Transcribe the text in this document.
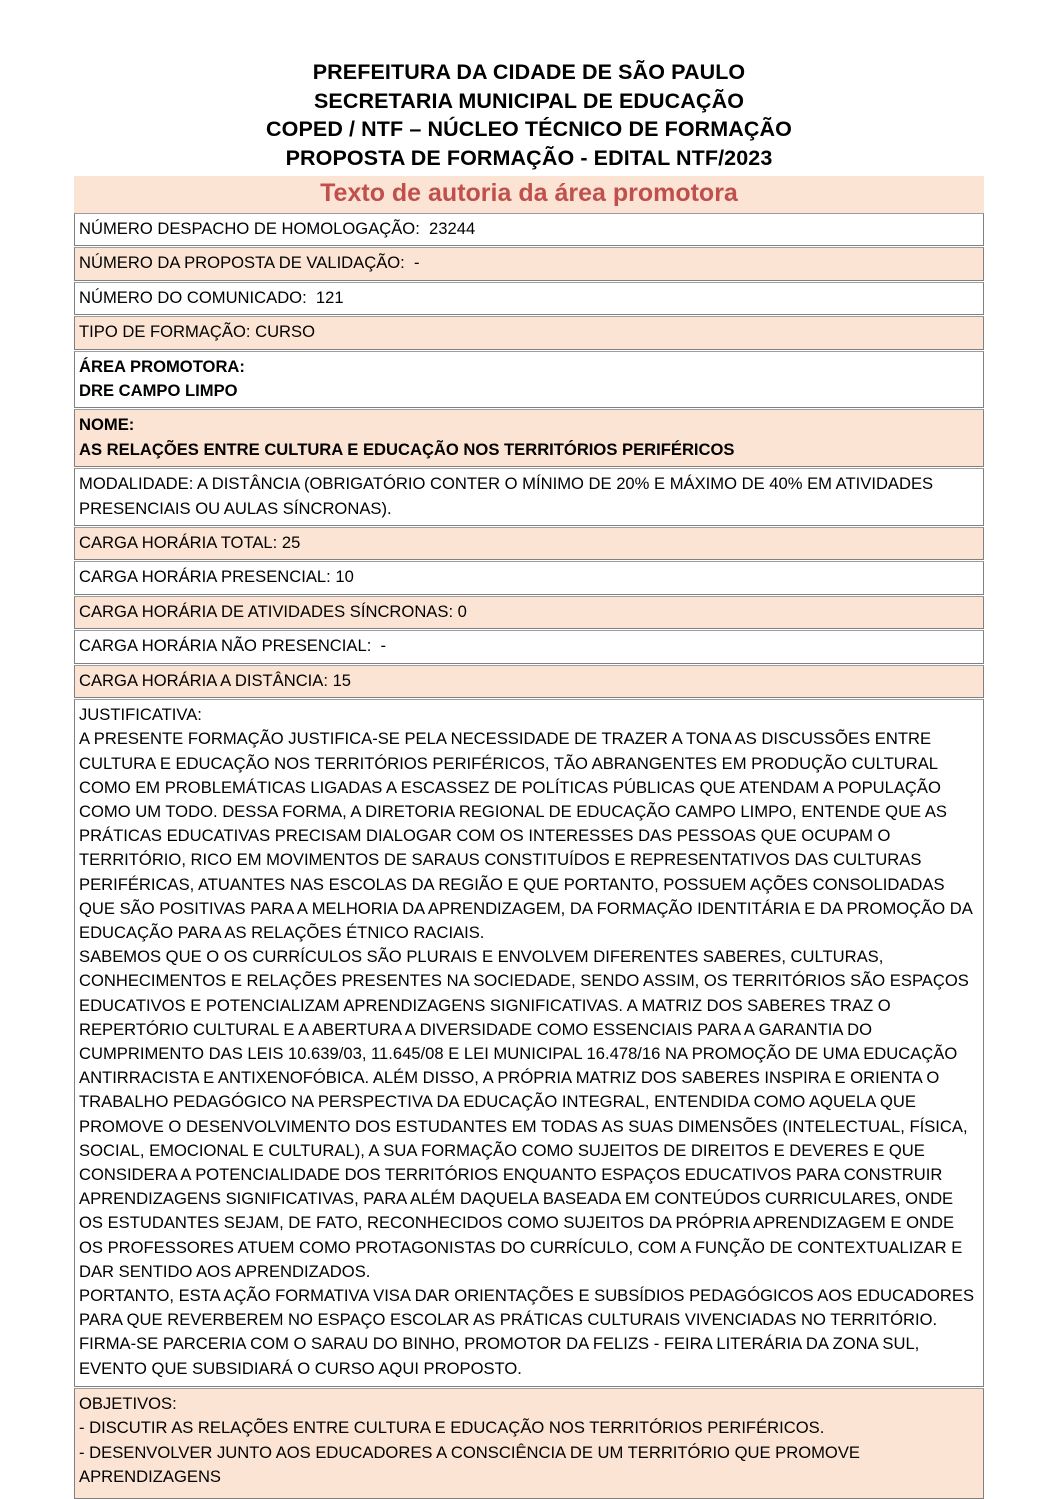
PREFEITURA DA CIDADE DE SÃO PAULO
SECRETARIA MUNICIPAL DE EDUCAÇÃO
COPED / NTF – NÚCLEO TÉCNICO DE FORMAÇÃO
PROPOSTA DE FORMAÇÃO - EDITAL NTF/2023
Texto de autoria da área promotora

NÚMERO DESPACHO DE HOMOLOGAÇÃO:  23244

NÚMERO DA PROPOSTA DE VALIDAÇÃO:  -

NÚMERO DO COMUNICADO:  121

TIPO DE FORMAÇÃO: CURSO

ÁREA PROMOTORA:

DRE CAMPO LIMPO

NOME:

AS RELAÇÕES ENTRE CULTURA E EDUCAÇÃO NOS TERRITÓRIOS PERIFÉRICOS

MODALIDADE: A DISTÂNCIA (OBRIGATÓRIO CONTER O MÍNIMO DE 20% E MÁXIMO DE 40% EM ATIVIDADES PRESENCIAIS OU AULAS SÍNCRONAS).

CARGA HORÁRIA TOTAL: 25

CARGA HORÁRIA PRESENCIAL: 10

CARGA HORÁRIA DE ATIVIDADES SÍNCRONAS: 0

CARGA HORÁRIA NÃO PRESENCIAL:  -

CARGA HORÁRIA A DISTÂNCIA: 15

JUSTIFICATIVA:

A PRESENTE FORMAÇÃO JUSTIFICA-SE PELA NECESSIDADE DE TRAZER A TONA AS DISCUSSÕES ENTRE CULTURA E EDUCAÇÃO NOS TERRITÓRIOS PERIFÉRICOS, TÃO ABRANGENTES EM PRODUÇÃO CULTURAL COMO EM PROBLEMÁTICAS LIGADAS A ESCASSEZ DE POLÍTICAS PÚBLICAS QUE ATENDAM A POPULAÇÃO COMO UM TODO. DESSA FORMA, A DIRETORIA REGIONAL DE EDUCAÇÃO CAMPO LIMPO, ENTENDE QUE AS PRÁTICAS EDUCATIVAS PRECISAM DIALOGAR COM OS INTERESSES DAS PESSOAS QUE OCUPAM O TERRITÓRIO, RICO EM MOVIMENTOS DE SARAUS CONSTITUÍDOS E REPRESENTATIVOS DAS CULTURAS PERIFÉRICAS, ATUANTES NAS ESCOLAS DA REGIÃO E QUE PORTANTO, POSSUEM AÇÕES CONSOLIDADAS QUE SÃO POSITIVAS PARA A MELHORIA DA APRENDIZAGEM, DA FORMAÇÃO IDENTITÁRIA E DA PROMOÇÃO DA EDUCAÇÃO PARA AS RELAÇÕES ÉTNICO RACIAIS.

SABEMOS QUE O OS CURRÍCULOS SÃO PLURAIS E ENVOLVEM DIFERENTES SABERES, CULTURAS, CONHECIMENTOS E RELAÇÕES PRESENTES NA SOCIEDADE, SENDO ASSIM, OS TERRITÓRIOS SÃO ESPAÇOS EDUCATIVOS E POTENCIALIZAM APRENDIZAGENS SIGNIFICATIVAS. A MATRIZ DOS SABERES TRAZ O REPERTÓRIO CULTURAL E A ABERTURA A DIVERSIDADE COMO ESSENCIAIS PARA A GARANTIA DO CUMPRIMENTO DAS LEIS 10.639/03, 11.645/08 E LEI MUNICIPAL 16.478/16 NA PROMOÇÃO DE UMA EDUCAÇÃO ANTIRRACISTA E ANTIXENOFÓBICA. ALÉM DISSO, A PRÓPRIA MATRIZ DOS SABERES INSPIRA E ORIENTA O TRABALHO PEDAGÓGICO NA PERSPECTIVA DA EDUCAÇÃO INTEGRAL, ENTENDIDA COMO AQUELA QUE PROMOVE O DESENVOLVIMENTO DOS ESTUDANTES EM TODAS AS SUAS DIMENSÕES (INTELECTUAL, FÍSICA, SOCIAL, EMOCIONAL E CULTURAL), A SUA FORMAÇÃO COMO SUJEITOS DE DIREITOS E DEVERES E QUE CONSIDERA A POTENCIALIDADE DOS TERRITÓRIOS ENQUANTO ESPAÇOS EDUCATIVOS PARA CONSTRUIR APRENDIZAGENS SIGNIFICATIVAS, PARA ALÉM DAQUELA BASEADA EM CONTEÚDOS CURRICULARES, ONDE OS ESTUDANTES SEJAM, DE FATO, RECONHECIDOS COMO SUJEITOS DA PRÓPRIA APRENDIZAGEM E ONDE OS PROFESSORES ATUEM COMO PROTAGONISTAS DO CURRÍCULO, COM A FUNÇÃO DE CONTEXTUALIZAR E DAR SENTIDO AOS APRENDIZADOS.

PORTANTO, ESTA AÇÃO FORMATIVA VISA DAR ORIENTAÇÕES E SUBSÍDIOS PEDAGÓGICOS AOS EDUCADORES PARA QUE REVERBEREM NO ESPAÇO ESCOLAR AS PRÁTICAS CULTURAIS VIVENCIADAS NO TERRITÓRIO. FIRMA-SE PARCERIA COM O SARAU DO BINHO, PROMOTOR DA FELIZS - FEIRA LITERÁRIA DA ZONA SUL, EVENTO QUE SUBSIDIARÁ O CURSO AQUI PROPOSTO.

OBJETIVOS:

- DISCUTIR AS RELAÇÕES ENTRE CULTURA E EDUCAÇÃO NOS TERRITÓRIOS PERIFÉRICOS.

- DESENVOLVER JUNTO AOS EDUCADORES A CONSCIÊNCIA DE UM TERRITÓRIO QUE PROMOVE APRENDIZAGENS
